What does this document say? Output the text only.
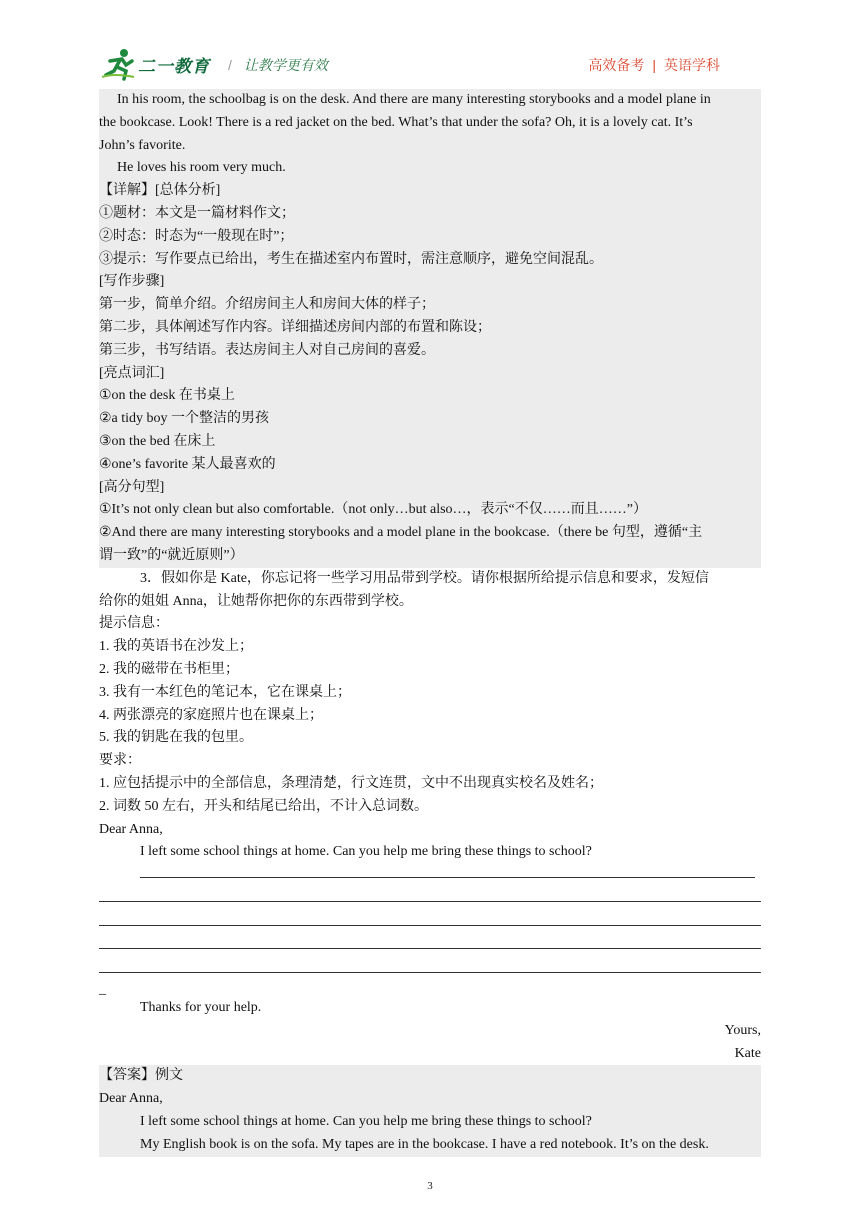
二一教育 / 让教学更有效	高效备考 | 英语学科
In his room, the schoolbag is on the desk. And there are many interesting storybooks and a model plane in
the bookcase. Look! There is a red jacket on the bed. What’s that under the sofa? Oh, it is a lovely cat. It’s
John’s favorite.
He loves his room very much.
【详解】[总体分析]
①题材：本文是一篇材料作文；
②时态：时态为“一般现在时”；
③提示：写作要点已给出，考生在描述室内布置时，需注意顺序，避免空间混乱。
[写作步骤]
第一步，简单介绍。介绍房间主人和房间大体的样子；
第二步，具体阐述写作内容。详细描述房间内部的布置和陈设；
第三步，书写结语。表达房间主人对自己房间的喜爱。
[亮点词汇]
①on the desk 在书桌上
②a tidy boy 一个整洁的男孩
③on the bed 在床上
④one’s favorite 某人最喜欢的
[高分句型]
①It’s not only clean but also comfortable.（not only…but also…，表示“不仅……而且……”）
②And there are many interesting storybooks and a model plane in the bookcase.（there be 句型，遵循“主
谓一致”的“就近原则”）
3．假如你是 Kate，你忘记将一些学习用品带到学校。请你根据所给提示信息和要求，发短信
给你的姐姐 Anna，让她帮你把你的东西带到学校。
提示信息：
1. 我的英语书在沙发上；
2. 我的磁带在书柜里；
3. 我有一本红色的笔记本，它在课桌上；
4. 两张漂亮的家庭照片也在课桌上；
5. 我的钥匙在我的包里。
要求：
1. 应包括提示中的全部信息，条理清楚，行文连贯，文中不出现真实校名及姓名；
2. 词数 50 左右，开头和结尾已给出，不计入总词数。
Dear Anna,
I left some school things at home. Can you help me bring these things to school?
_
Thanks for your help.
Yours,
Kate
【答案】例文
Dear Anna,
I left some school things at home. Can you help me bring these things to school?
My English book is on the sofa. My tapes are in the bookcase. I have a red notebook. It’s on the desk.
3
